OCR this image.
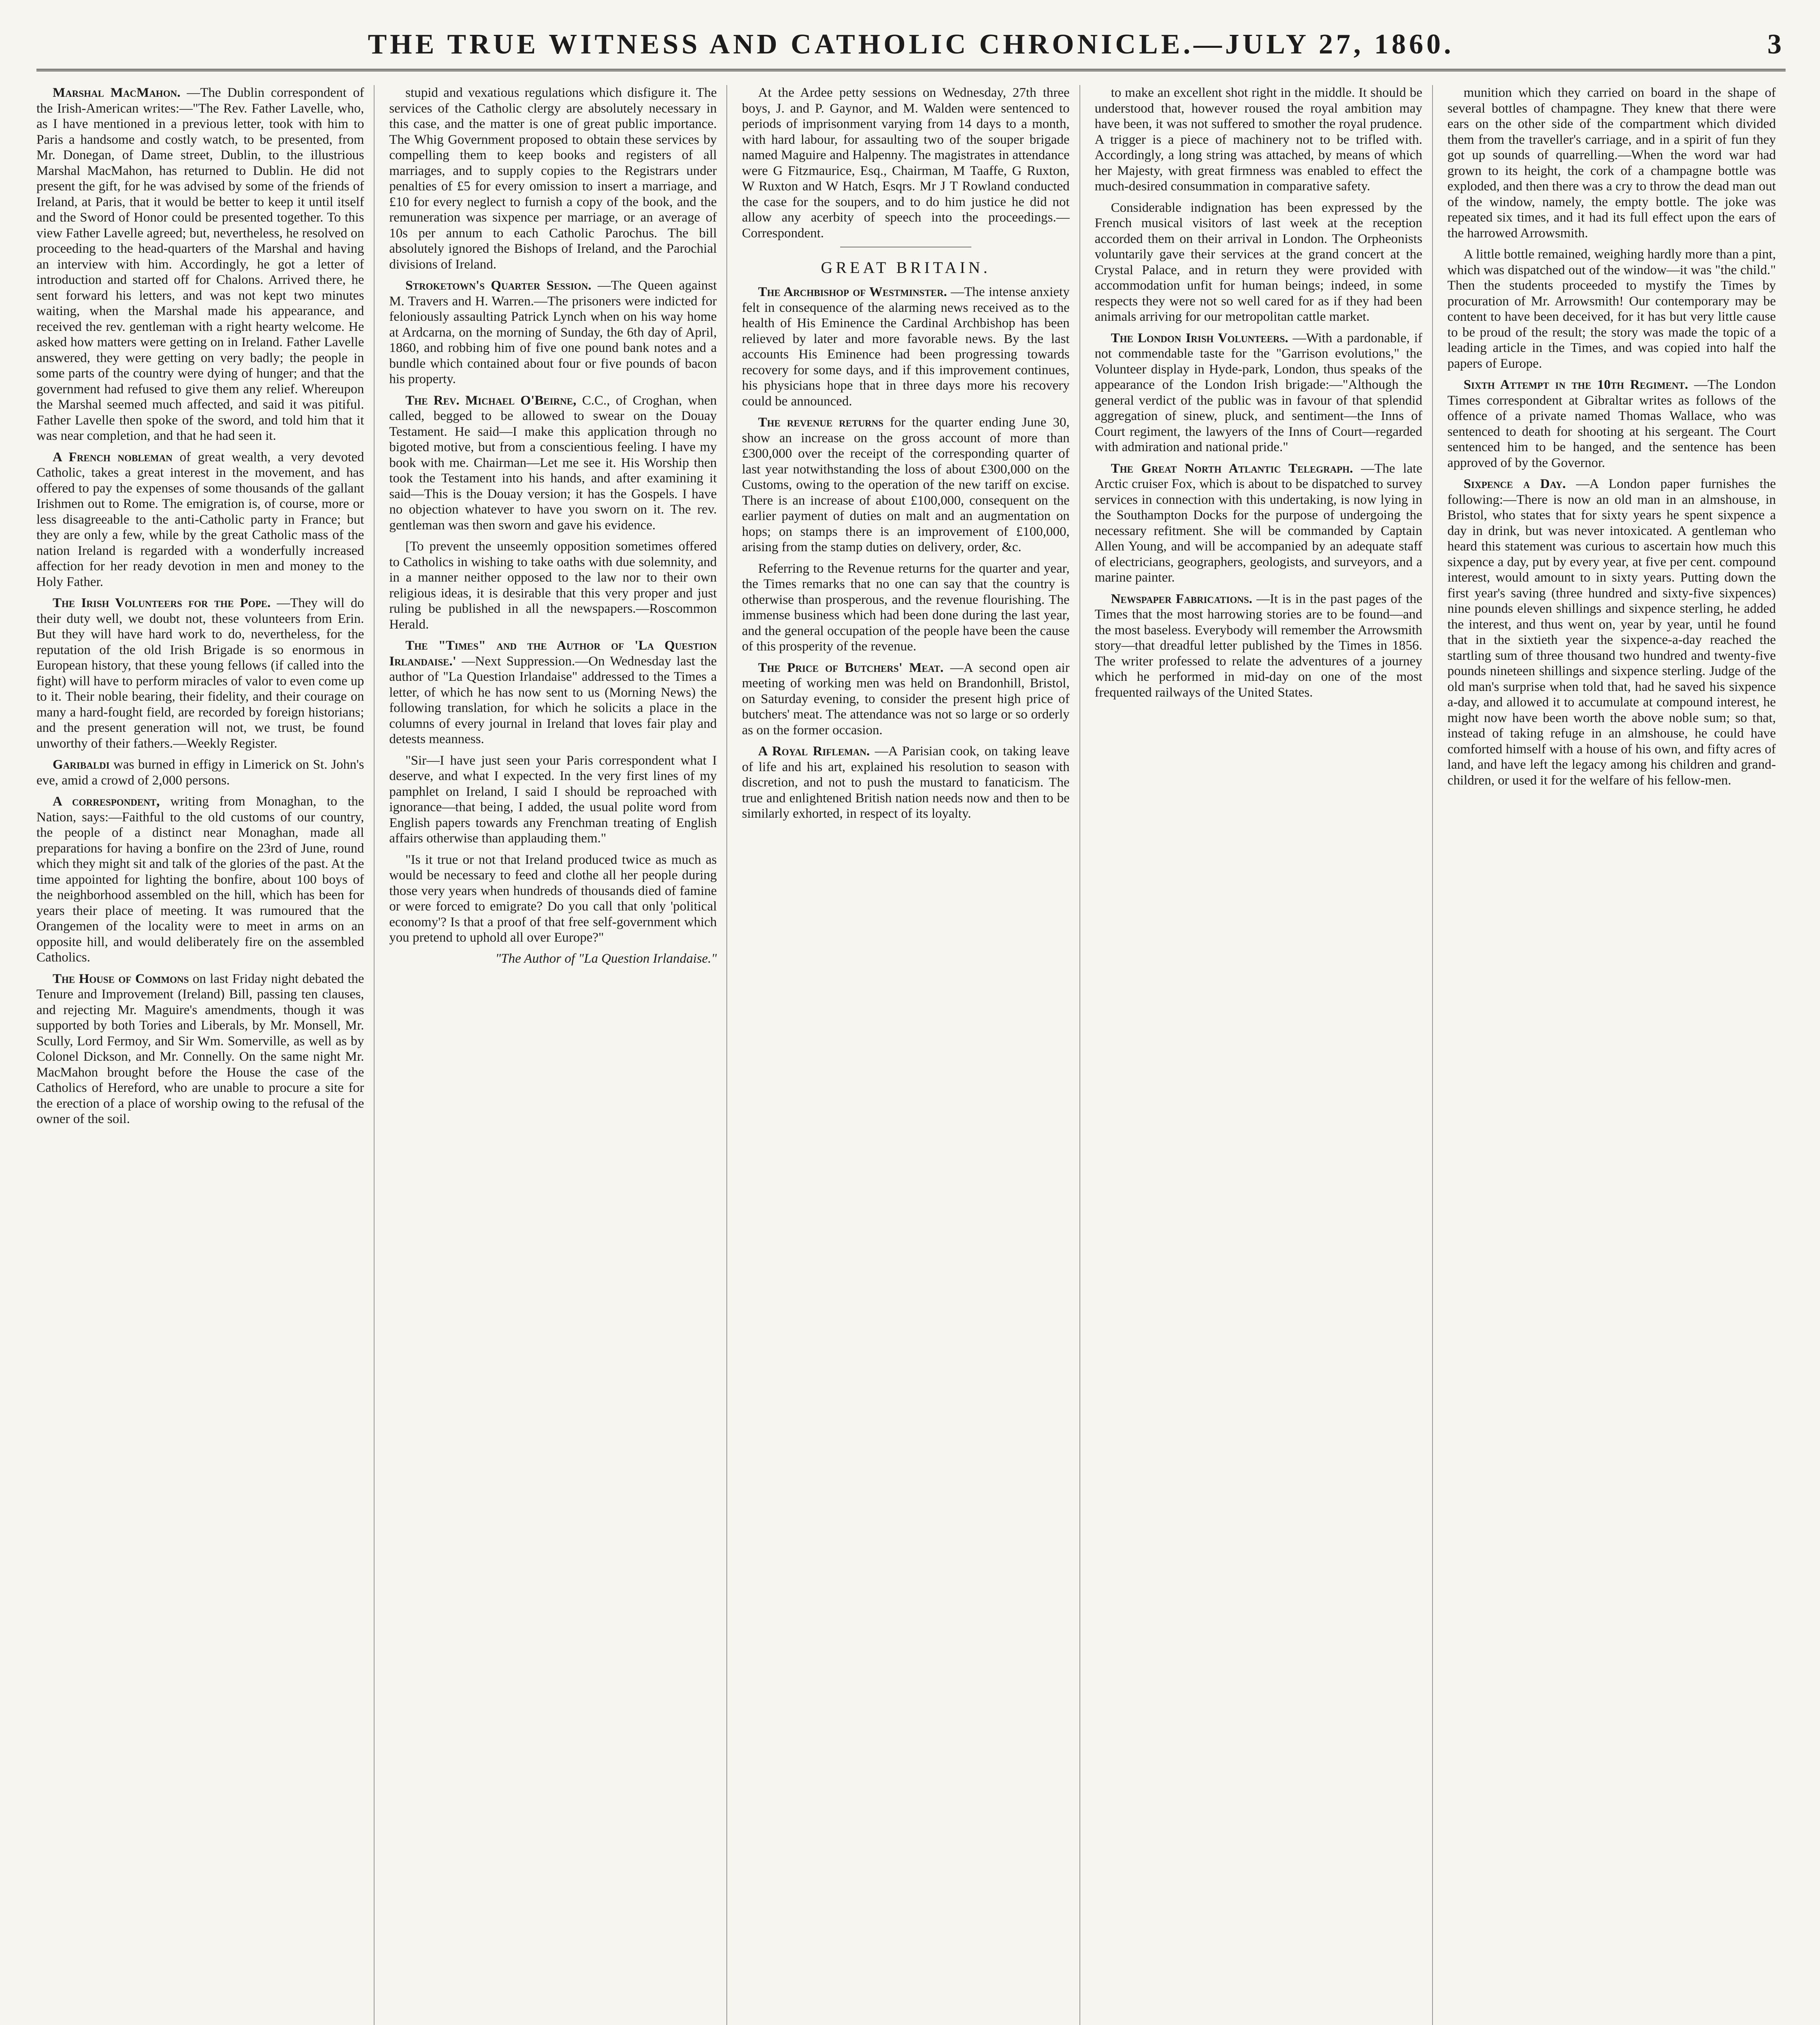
THE TRUE WITNESS AND CATHOLIC CHRONICLE.—JULY 27, 1860.	3

Marshal MacMahon. —The Dublin correspondent of the Irish-American writes:—"The Rev. Father Lavelle, who, as I have mentioned in a previous letter, took with him to Paris a handsome and costly watch, to be presented, from Mr. Donegan, of Dame street, Dublin, to the illustrious Marshal MacMahon, has returned to Dublin. He did not present the gift, for he was advised by some of the friends of Ireland, at Paris, that it would be better to keep it until itself and the Sword of Honor could be presented together. To this view Father Lavelle agreed; but, nevertheless, he resolved on proceeding to the head-quarters of the Marshal and having an interview with him. Accordingly, he got a letter of introduction and started off for Chalons. Arrived there, he sent forward his letters, and was not kept two minutes waiting, when the Marshal made his appearance, and received the rev. gentleman with a right hearty welcome. He asked how matters were getting on in Ireland. Father Lavelle answered, they were getting on very badly; the people in some parts of the country were dying of hunger; and that the government had refused to give them any relief. Whereupon the Marshal seemed much affected, and said it was pitiful. Father Lavelle then spoke of the sword, and told him that it was near completion, and that he had seen it.

A French nobleman of great wealth, a very devoted Catholic, takes a great interest in the movement, and has offered to pay the expenses of some thousands of the gallant Irishmen out to Rome. The emigration is, of course, more or less disagreeable to the anti-Catholic party in France; but they are only a few, while by the great Catholic mass of the nation Ireland is regarded with a wonderfully increased affection for her ready devotion in men and money to the Holy Father.

The Irish Volunteers for the Pope. —They will do their duty well, we doubt not, these volunteers from Erin. But they will have hard work to do, nevertheless, for the reputation of the old Irish Brigade is so enormous in European history, that these young fellows (if called into the fight) will have to perform miracles of valor to even come up to it. Their noble bearing, their fidelity, and their courage on many a hard-fought field, are recorded by foreign historians; and the present generation will not, we trust, be found unworthy of their fathers.—Weekly Register.

Garibaldi was burned in effigy in Limerick on St. John's eve, amid a crowd of 2,000 persons.

A correspondent, writing from Monaghan, to the Nation, says:—Faithful to the old customs of our country, the people of a distinct near Monaghan, made all preparations for having a bonfire on the 23rd of June, round which they might sit and talk of the glories of the past. At the time appointed for lighting the bonfire, about 100 boys of the neighborhood assembled on the hill, which has been for years their place of meeting. It was rumoured that the Orangemen of the locality were to meet in arms on an opposite hill, and would deliberately fire on the assembled Catholics.

The House of Commons on last Friday night debated the Tenure and Improvement (Ireland) Bill, passing ten clauses, and rejecting Mr. Maguire's amendments, though it was supported by both Tories and Liberals, by Mr. Monsell, Mr. Scully, Lord Fermoy, and Sir Wm. Somerville, as well as by Colonel Dickson, and Mr. Connelly. On the same night Mr. MacMahon brought before the House the case of the Catholics of Hereford, who are unable to procure a site for the erection of a place of worship owing to the refusal of the owner of the soil.

stupid and vexatious regulations which disfigure it. The services of the Catholic clergy are absolutely necessary in this case, and the matter is one of great public importance. The Whig Government proposed to obtain these services by compelling them to keep books and registers of all marriages, and to supply copies to the Registrars under penalties of £5 for every omission to insert a marriage, and £10 for every neglect to furnish a copy of the book, and the remuneration was sixpence per marriage, or an average of 10s per annum to each Catholic Parochus. The bill absolutely ignored the Bishops of Ireland, and the Parochial divisions of Ireland.

Stroketown's Quarter Session. —The Queen against M. Travers and H. Warren.—The prisoners were indicted for feloniously assaulting Patrick Lynch when on his way home at Ardcarna, on the morning of Sunday, the 6th day of April, 1860, and robbing him of five one pound bank notes and a bundle which contained about four or five pounds of bacon his property.

The Rev. Michael O'Beirne, C.C., of Croghan, when called, begged to be allowed to swear on the Douay Testament. He said—I make this application through no bigoted motive, but from a conscientious feeling. I have my book with me. Chairman—Let me see it. His Worship then took the Testament into his hands, and after examining it said—This is the Douay version; it has the Gospels. I have no objection whatever to have you sworn on it. The rev. gentleman was then sworn and gave his evidence.

[To prevent the unseemly opposition sometimes offered to Catholics in wishing to take oaths with due solemnity, and in a manner neither opposed to the law nor to their own religious ideas, it is desirable that this very proper and just ruling be published in all the newspapers.—Roscommon Herald.

The "Times" and the Author of 'La Question Irlandaise.' —Next Suppression.—On Wednesday last the author of "La Question Irlandaise" addressed to the Times a letter, of which he has now sent to us (Morning News) the following translation, for which he solicits a place in the columns of every journal in Ireland that loves fair play and detests meanness.

"Sir—I have just seen your Paris correspondent what I deserve, and what I expected. In the very first lines of my pamphlet on Ireland, I said I should be reproached with ignorance—that being, I added, the usual polite word from English papers towards any Frenchman treating of English affairs otherwise than applauding them."

"Is it true or not that Ireland produced twice as much as would be necessary to feed and clothe all her people during those very years when hundreds of thousands died of famine or were forced to emigrate? Do you call that only 'political economy'? Is that a proof of that free self-government which you pretend to uphold all over Europe?"

"The Author of "La Question Irlandaise."

At the Ardee petty sessions on Wednesday, 27th three boys, J. and P. Gaynor, and M. Walden were sentenced to periods of imprisonment varying from 14 days to a month, with hard labour, for assaulting two of the souper brigade named Maguire and Halpenny. The magistrates in attendance were G Fitzmaurice, Esq., Chairman, M Taaffe, G Ruxton, W Ruxton and W Hatch, Esqrs. Mr J T Rowland conducted the case for the soupers, and to do him justice he did not allow any acerbity of speech into the proceedings.—Correspondent.

GREAT BRITAIN.

The Archbishop of Westminster. —The intense anxiety felt in consequence of the alarming news received as to the health of His Eminence the Cardinal Archbishop has been relieved by later and more favorable news. By the last accounts His Eminence had been progressing towards recovery for some days, and if this improvement continues, his physicians hope that in three days more his recovery could be announced.

The revenue returns for the quarter ending June 30, show an increase on the gross account of more than £300,000 over the receipt of the corresponding quarter of last year notwithstanding the loss of about £300,000 on the Customs, owing to the operation of the new tariff on excise. There is an increase of about £100,000, consequent on the earlier payment of duties on malt and an augmentation on hops; on stamps there is an improvement of £100,000, arising from the stamp duties on delivery, order, &c.

Referring to the Revenue returns for the quarter and year, the Times remarks that no one can say that the country is otherwise than prosperous, and the revenue flourishing. The immense business which had been done during the last year, and the general occupation of the people have been the cause of this prosperity of the revenue.

The Price of Butchers' Meat. —A second open air meeting of working men was held on Brandonhill, Bristol, on Saturday evening, to consider the present high price of butchers' meat. The attendance was not so large or so orderly as on the former occasion.

A Royal Rifleman. —A Parisian cook, on taking leave of life and his art, explained his resolution to season with discretion, and not to push the mustard to fanaticism. The true and enlightened British nation needs now and then to be similarly exhorted, in respect of its loyalty.

to make an excellent shot right in the middle. It should be understood that, however roused the royal ambition may have been, it was not suffered to smother the royal prudence. A trigger is a piece of machinery not to be trifled with. Accordingly, a long string was attached, by means of which her Majesty, with great firmness was enabled to effect the much-desired consummation in comparative safety.

Considerable indignation has been expressed by the French musical visitors of last week at the reception accorded them on their arrival in London. The Orpheonists voluntarily gave their services at the grand concert at the Crystal Palace, and in return they were provided with accommodation unfit for human beings; indeed, in some respects they were not so well cared for as if they had been animals arriving for our metropolitan cattle market.

The London Irish Volunteers. —With a pardonable, if not commendable taste for the "Garrison evolutions," the Volunteer display in Hyde-park, London, thus speaks of the appearance of the London Irish brigade:—"Although the general verdict of the public was in favour of that splendid aggregation of sinew, pluck, and sentiment—the Inns of Court regiment, the lawyers of the Inns of Court—regarded with admiration and national pride."

The Great North Atlantic Telegraph. —The late Arctic cruiser Fox, which is about to be dispatched to survey services in connection with this undertaking, is now lying in the Southampton Docks for the purpose of undergoing the necessary refitment. She will be commanded by Captain Allen Young, and will be accompanied by an adequate staff of electricians, geographers, geologists, and surveyors, and a marine painter.

Newspaper Fabrications. —It is in the past pages of the Times that the most harrowing stories are to be found—and the most baseless. Everybody will remember the Arrowsmith story—that dreadful letter published by the Times in 1856. The writer professed to relate the adventures of a journey which he performed in mid-day on one of the most frequented railways of the United States.

munition which they carried on board in the shape of several bottles of champagne. They knew that there were ears on the other side of the compartment which divided them from the traveller's carriage, and in a spirit of fun they got up sounds of quarrelling.—When the word war had grown to its height, the cork of a champagne bottle was exploded, and then there was a cry to throw the dead man out of the window, namely, the empty bottle. The joke was repeated six times, and it had its full effect upon the ears of the harrowed Arrowsmith.

A little bottle remained, weighing hardly more than a pint, which was dispatched out of the window—it was "the child." Then the students proceeded to mystify the Times by procuration of Mr. Arrowsmith! Our contemporary may be content to have been deceived, for it has but very little cause to be proud of the result; the story was made the topic of a leading article in the Times, and was copied into half the papers of Europe.

Sixth Attempt in the 10th Regiment. —The London Times correspondent at Gibraltar writes as follows of the offence of a private named Thomas Wallace, who was sentenced to death for shooting at his sergeant. The Court sentenced him to be hanged, and the sentence has been approved of by the Governor.

Sixpence a Day. —A London paper furnishes the following:—There is now an old man in an almshouse, in Bristol, who states that for sixty years he spent sixpence a day in drink, but was never intoxicated. A gentleman who heard this statement was curious to ascertain how much this sixpence a day, put by every year, at five per cent. compound interest, would amount to in sixty years. Putting down the first year's saving (three hundred and sixty-five sixpences) nine pounds eleven shillings and sixpence sterling, he added the interest, and thus went on, year by year, until he found that in the sixtieth year the sixpence-a-day reached the startling sum of three thousand two hundred and twenty-five pounds nineteen shillings and sixpence sterling. Judge of the old man's surprise when told that, had he saved his sixpence a-day, and allowed it to accumulate at compound interest, he might now have been worth the above noble sum; so that, instead of taking refuge in an almshouse, he could have comforted himself with a house of his own, and fifty acres of land, and have left the legacy among his children and grand-children, or used it for the welfare of his fellow-men.
